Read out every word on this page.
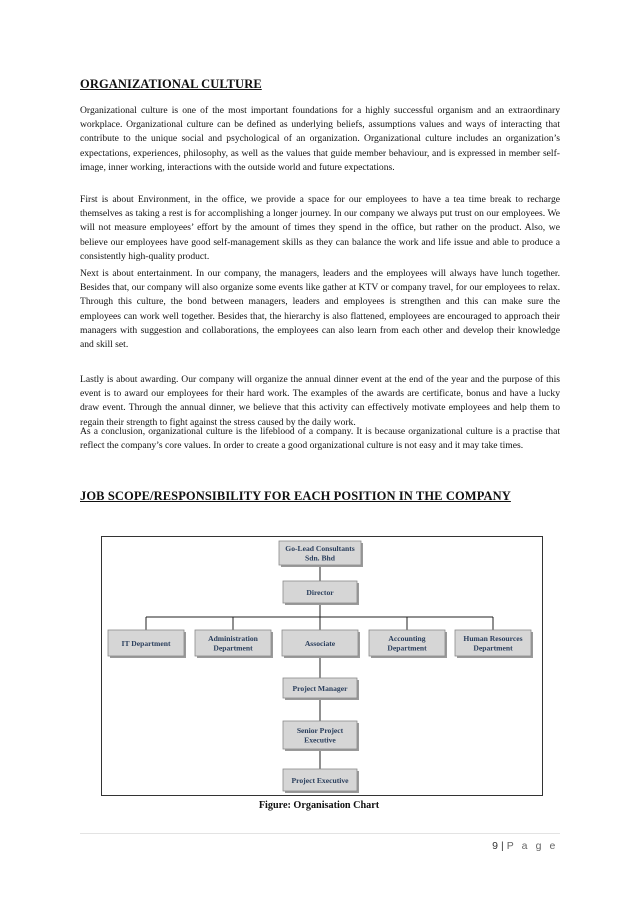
ORGANIZATIONAL CULTURE

Organizational culture is one of the most important foundations for a highly successful organism and an extraordinary workplace. Organizational culture can be defined as underlying beliefs, assumptions values and ways of interacting that contribute to the unique social and psychological of an organization. Organizational culture includes an organization’s expectations, experiences, philosophy, as well as the values that guide member behaviour, and is expressed in member self-image, inner working, interactions with the outside world and future expectations.

First is about Environment, in the office, we provide a space for our employees to have a tea time break to recharge themselves as taking a rest is for accomplishing a longer journey. In our company we always put trust on our employees. We will not measure employees’ effort by the amount of times they spend in the office, but rather on the product. Also, we believe our employees have good self-management skills as they can balance the work and life issue and able to produce a consistently high-quality product.

Next is about entertainment. In our company, the managers, leaders and the employees will always have lunch together. Besides that, our company will also organize some events like gather at KTV or company travel, for our employees to relax. Through this culture, the bond between managers, leaders and employees is strengthen and this can make sure the employees can work well together. Besides that, the hierarchy is also flattened, employees are encouraged to approach their managers with suggestion and collaborations, the employees can also learn from each other and develop their knowledge and skill set.

Lastly is about awarding. Our company will organize the annual dinner event at the end of the year and the purpose of this event is to award our employees for their hard work. The examples of the awards are certificate, bonus and have a lucky draw event. Through the annual dinner, we believe that this activity can effectively motivate employees and help them to regain their strength to fight against the stress caused by the daily work.

As a conclusion, organizational culture is the lifeblood of a company. It is because organizational culture is a practise that reflect the company’s core values. In order to create a good organizational culture is not easy and it may take times.

JOB SCOPE/RESPONSIBILITY FOR EACH POSITION IN THE COMPANY
Go-Lead Consultants
Sdn. Bhd
Director
IT Department
Administration
Department
Associate
Accounting
Department
Human Resources
Department
Project Manager
Senior Project
Executive
Project Executive
Figure: Organisation Chart
9 | P a g e
